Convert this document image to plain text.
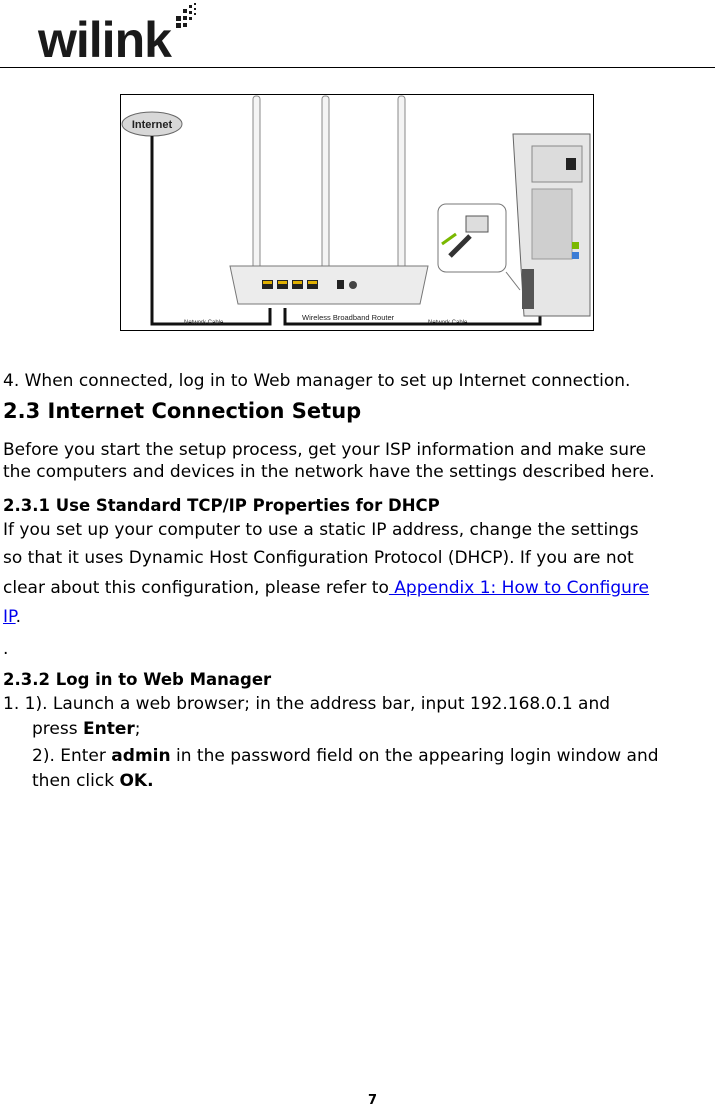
wilink
Internet
Wireless Broadband Router
Network Cable	Network Cable
4. When connected, log in to Web manager to set up Internet connection.
2.3 Internet Connection Setup
Before you start the setup process, get your ISP information and make sure
the computers and devices in the network have the settings described here.
2.3.1 Use Standard TCP/IP Properties for DHCP
If you set up your computer to use a static IP address, change the settings
so that it uses Dynamic Host Configuration Protocol (DHCP). If you are not
clear about this configuration, please refer to Appendix 1: How to Configure
IP.
.
2.3.2 Log in to Web Manager
1. 1). Launch a web browser; in the address bar, input 192.168.0.1 and
press Enter;
2). Enter admin in the password field on the appearing login window and
then click OK.
7
